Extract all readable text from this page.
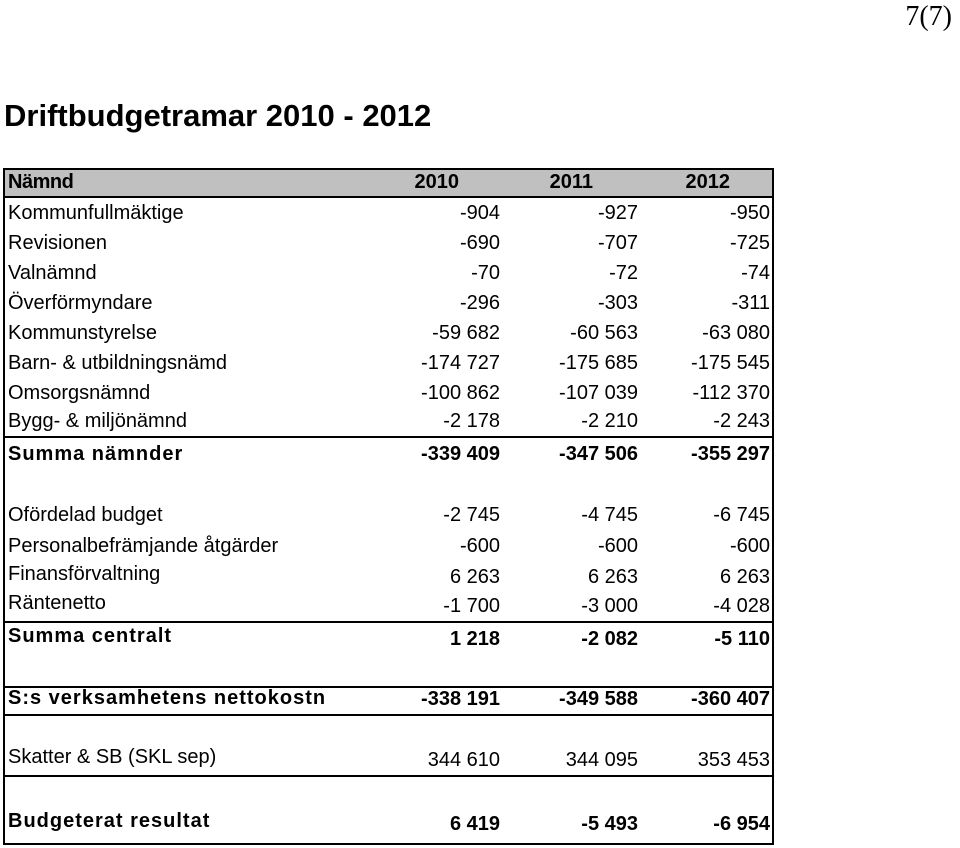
7(7)
Driftbudgetramar 2010 - 2012
Nämnd	2010	2011	2012
Kommunfullmäktige	-904	-927	-950
Revisionen	-690	-707	-725
Valnämnd	-70	-72	-74
Överförmyndare	-296	-303	-311
Kommunstyrelse	-59 682	-60 563	-63 080
Barn- & utbildningsnämd	-174 727	-175 685	-175 545
Omsorgsnämnd	-100 862	-107 039	-112 370
Bygg- & miljönämnd	-2 178	-2 210	-2 243
Summa nämnder	-339 409	-347 506	-355 297
Ofördelad budget	-2 745	-4 745	-6 745
Personalbefrämjande åtgärder	-600	-600	-600
Finansförvaltning	6 263	6 263	6 263
Räntenetto	-1 700	-3 000	-4 028
Summa centralt	1 218	-2 082	-5 110
S:s verksamhetens nettokostn	-338 191	-349 588	-360 407
Skatter & SB (SKL sep)	344 610	344 095	353 453
Budgeterat resultat	6 419	-5 493	-6 954
